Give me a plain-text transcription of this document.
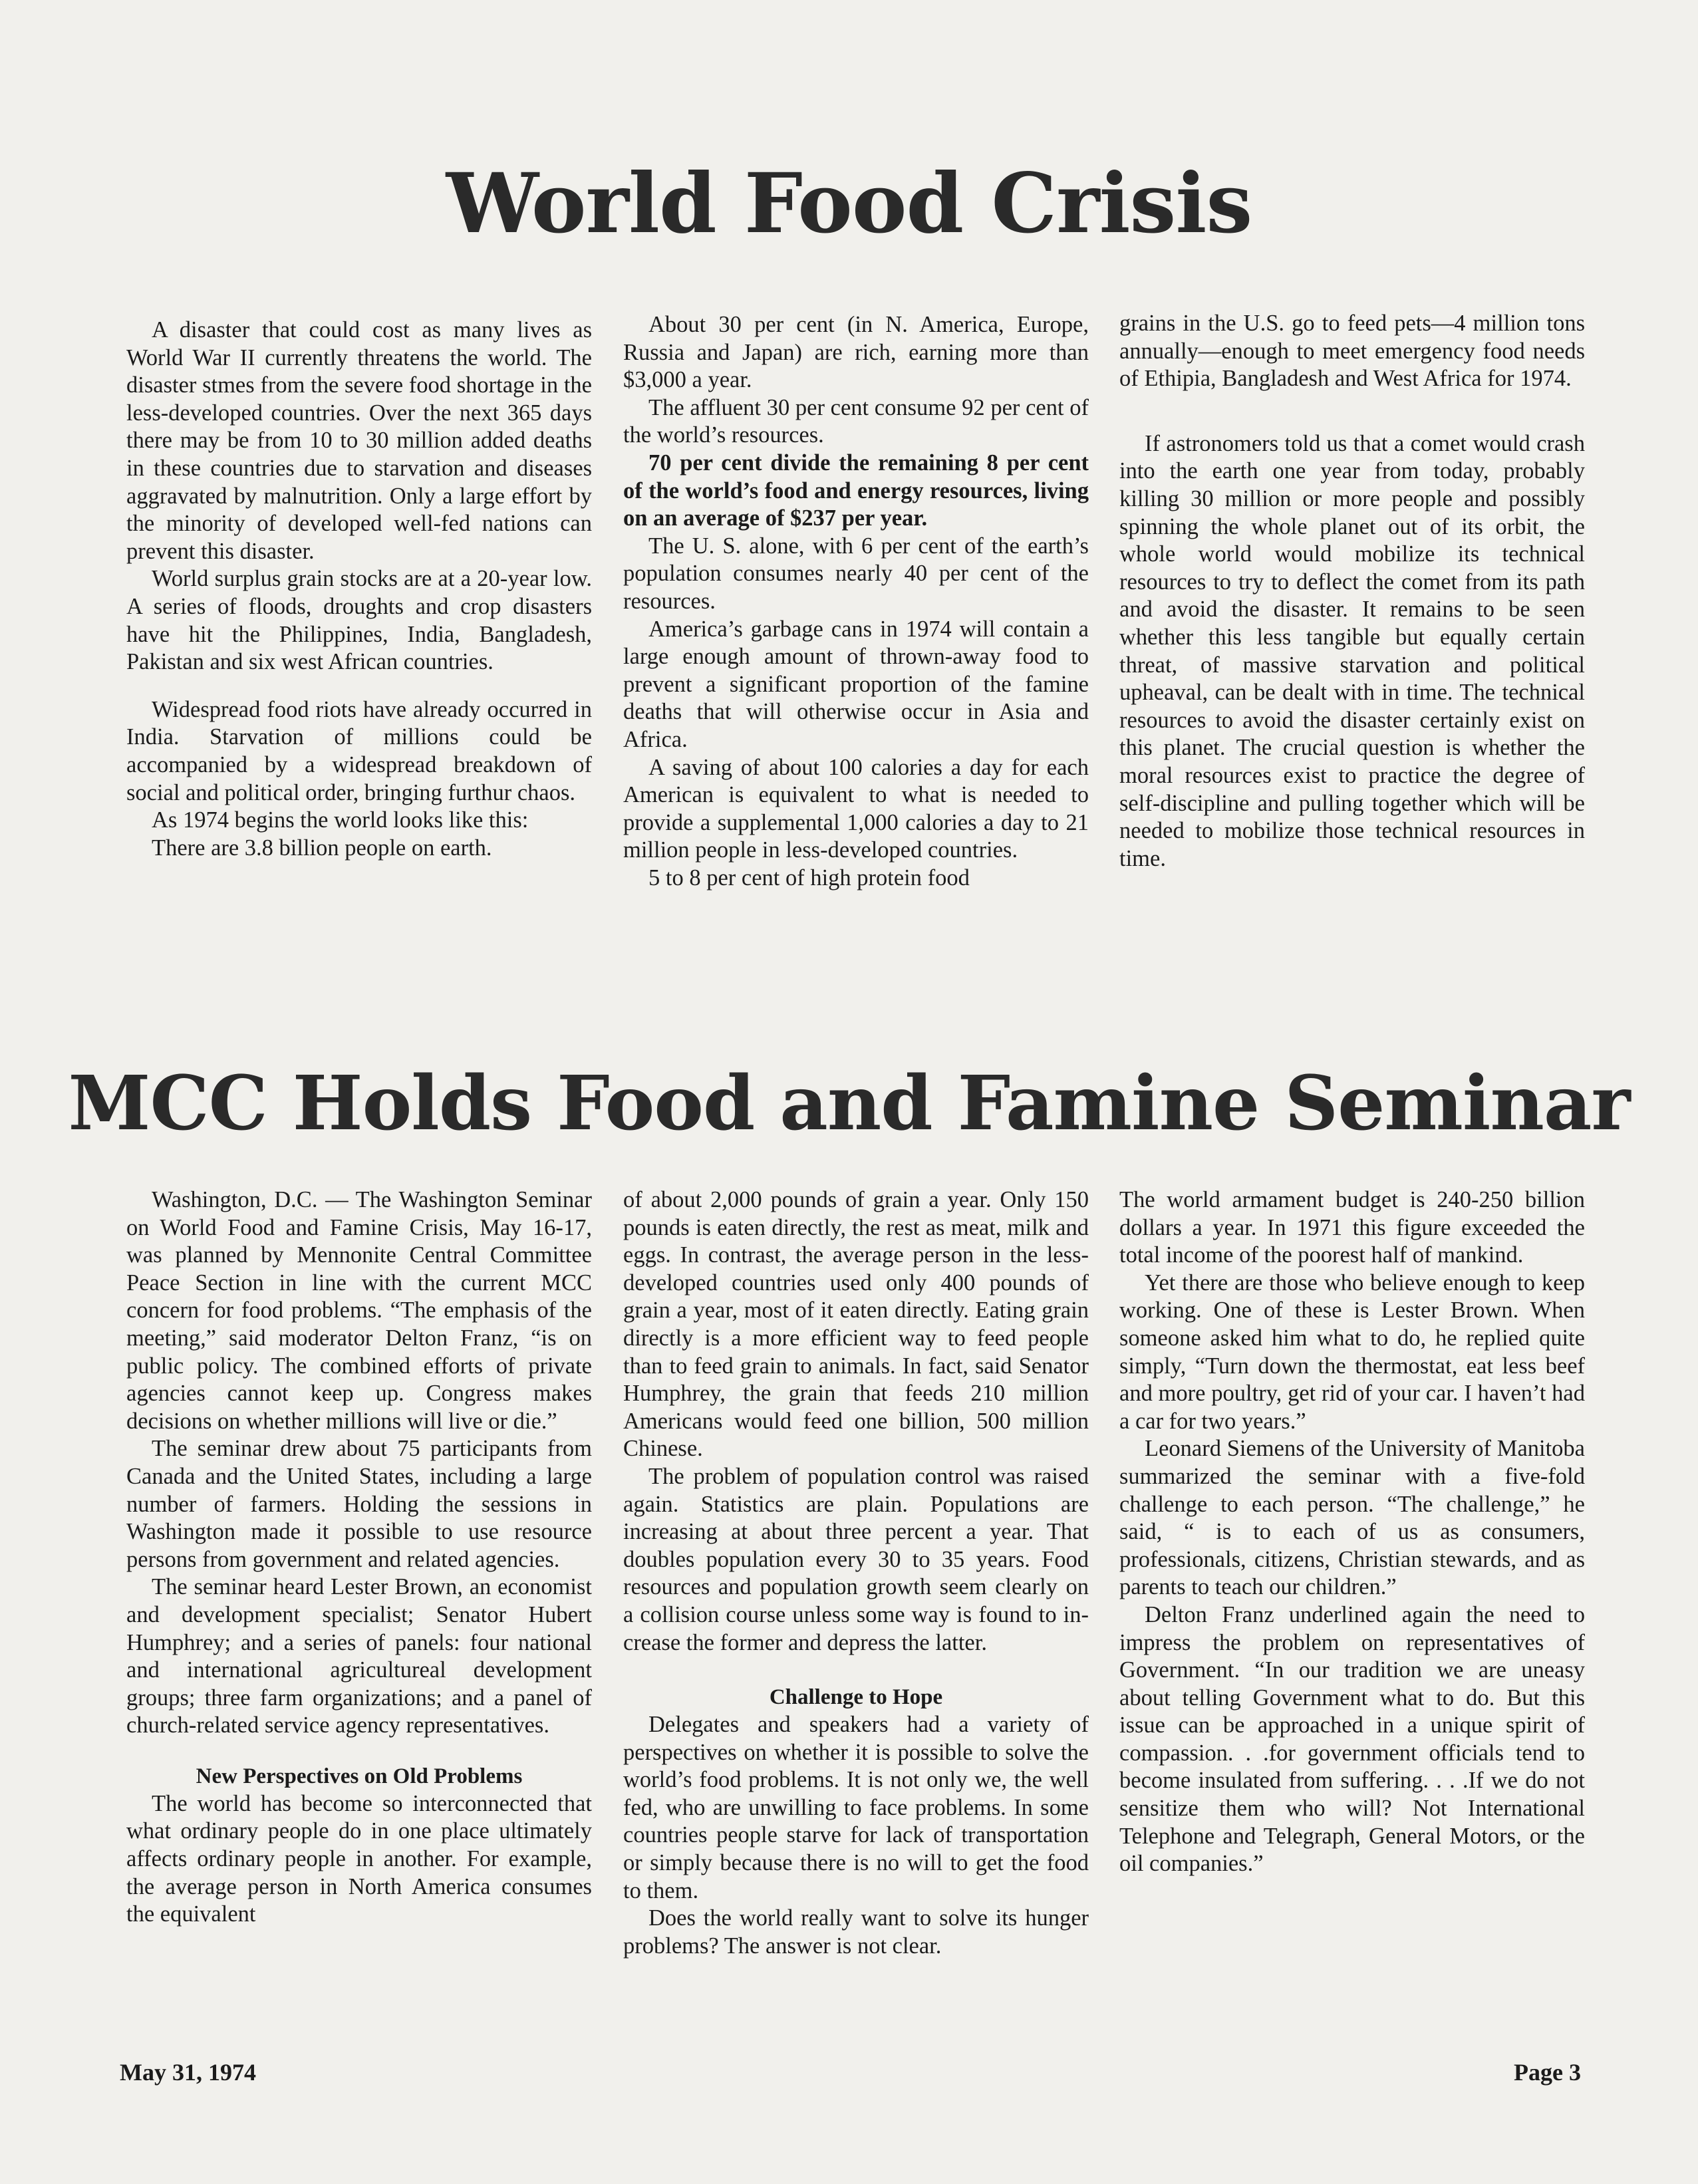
World Food Crisis

A disaster that could cost as many lives as World War II currently threatens the world. The disaster stmes from the severe food shortage in the less-developed countries. Over the next 365 days there may be from 10 to 30 million added deaths in these countries due to starvation and diseases aggravated by malnutrition. Only a large effort by the minority of developed well-fed nations can prevent this disaster.

World surplus grain stocks are at a 20-year low. A series of floods, droughts and crop disasters have hit the Philippines, India, Bangladesh, Pakistan and six west African countries.

Widespread food riots have already occurred in India. Starvation of millions could be accompanied by a widespread breakdown of social and political order, bringing furthur chaos.

As 1974 begins the world looks like this:

There are 3.8 billion people on earth.

About 30 per cent (in N. America, Europe, Russia and Japan) are rich, earning more than $3,000 a year.

The affluent 30 per cent consume 92 per cent of the world’s resources.

70 per cent divide the remaining 8 per cent of the world’s food and energy resources, living on an average of $237 per year.

The U. S. alone, with 6 per cent of the earth’s population consumes nearly 40 per cent of the resources.

America’s garbage cans in 1974 will contain a large enough amount of thrown-away food to prevent a significant proportion of the famine deaths that will otherwise occur in Asia and Africa.

A saving of about 100 calories a day for each American is equivalent to what is needed to provide a supplemental 1,000 calories a day to 21 million people in less-developed countries.

5 to 8 per cent of high protein food

grains in the U.S. go to feed pets—4 million tons annually—enough to meet emergency food needs of Ethipia, Bangladesh and West Africa for 1974.

If astronomers told us that a comet would crash into the earth one year from today, probably killing 30 million or more people and possibly spinning the whole planet out of its orbit, the whole world would mobilize its technical resources to try to deflect the comet from its path and avoid the disaster. It remains to be seen whether this less tangible but equally certain threat, of massive starvation and political upheaval, can be dealt with in time. The technical resources to avoid the disaster certainly exist on this planet. The crucial question is whether the moral resources exist to practice the degree of self-discipline and pulling together which will be needed to mobilize those technical resources in time.

MCC Holds Food and Famine Seminar

Washington, D.C. — The Washington Seminar on World Food and Famine Crisis, May 16-17, was planned by Mennonite Central Committee Peace Section in line with the current MCC concern for food problems. “The emphasis of the meeting,” said moderator Delton Franz, “is on public policy. The combined efforts of private agencies cannot keep up. Congress makes decisions on whether millions will live or die.”

The seminar drew about 75 participants from Canada and the United States, including a large number of farmers. Holding the sessions in Washington made it possible to use resource persons from government and related agencies.

The seminar heard Lester Brown, an economist and development specialist; Senator Hubert Humphrey; and a series of panels: four national and international agricultureal development groups; three farm organizations; and a panel of church-related service agency representatives.

New Perspectives on Old Problems

The world has become so interconnected that what ordinary people do in one place ultimately affects ordinary people in another. For example, the average person in North America consumes the equivalent

of about 2,000 pounds of grain a year. Only 150 pounds is eaten directly, the rest as meat, milk and eggs. In contrast, the average person in the less-developed countries used only 400 pounds of grain a year, most of it eaten directly. Eating grain directly is a more efficient way to feed people than to feed grain to animals. In fact, said Senator Humphrey, the grain that feeds 210 million Americans would feed one billion, 500 million Chinese.

The problem of population control was raised again. Statistics are plain. Populations are increasing at about three percent a year. That doubles population every 30 to 35 years. Food resources and population growth seem clearly on a collision course unless some way is found to increase the former and depress the latter.

Challenge to Hope

Delegates and speakers had a variety of perspectives on whether it is possible to solve the world’s food problems. It is not only we, the well fed, who are unwilling to face problems. In some countries people starve for lack of transportation or simply because there is no will to get the food to them.

Does the world really want to solve its hunger problems? The answer is not clear.

The world armament budget is 240-250 billion dollars a year. In 1971 this figure exceeded the total income of the poorest half of mankind.

Yet there are those who believe enough to keep working. One of these is Lester Brown. When someone asked him what to do, he replied quite simply, “Turn down the thermostat, eat less beef and more poultry, get rid of your car. I haven’t had a car for two years.”

Leonard Siemens of the University of Manitoba summarized the seminar with a five-fold challenge to each person. “The challenge,” he said, “ is to each of us as consumers, professionals, citizens, Christian stewards, and as parents to teach our children.”

Delton Franz underlined again the need to impress the problem on representatives of Government. “In our tradition we are uneasy about telling Government what to do. But this issue can be approached in a unique spirit of compassion. . .for government officials tend to become insulated from suffering. . . .If we do not sensitize them who will? Not International Telephone and Telegraph, General Motors, or the oil companies.”

May 31, 1974	Page 3
